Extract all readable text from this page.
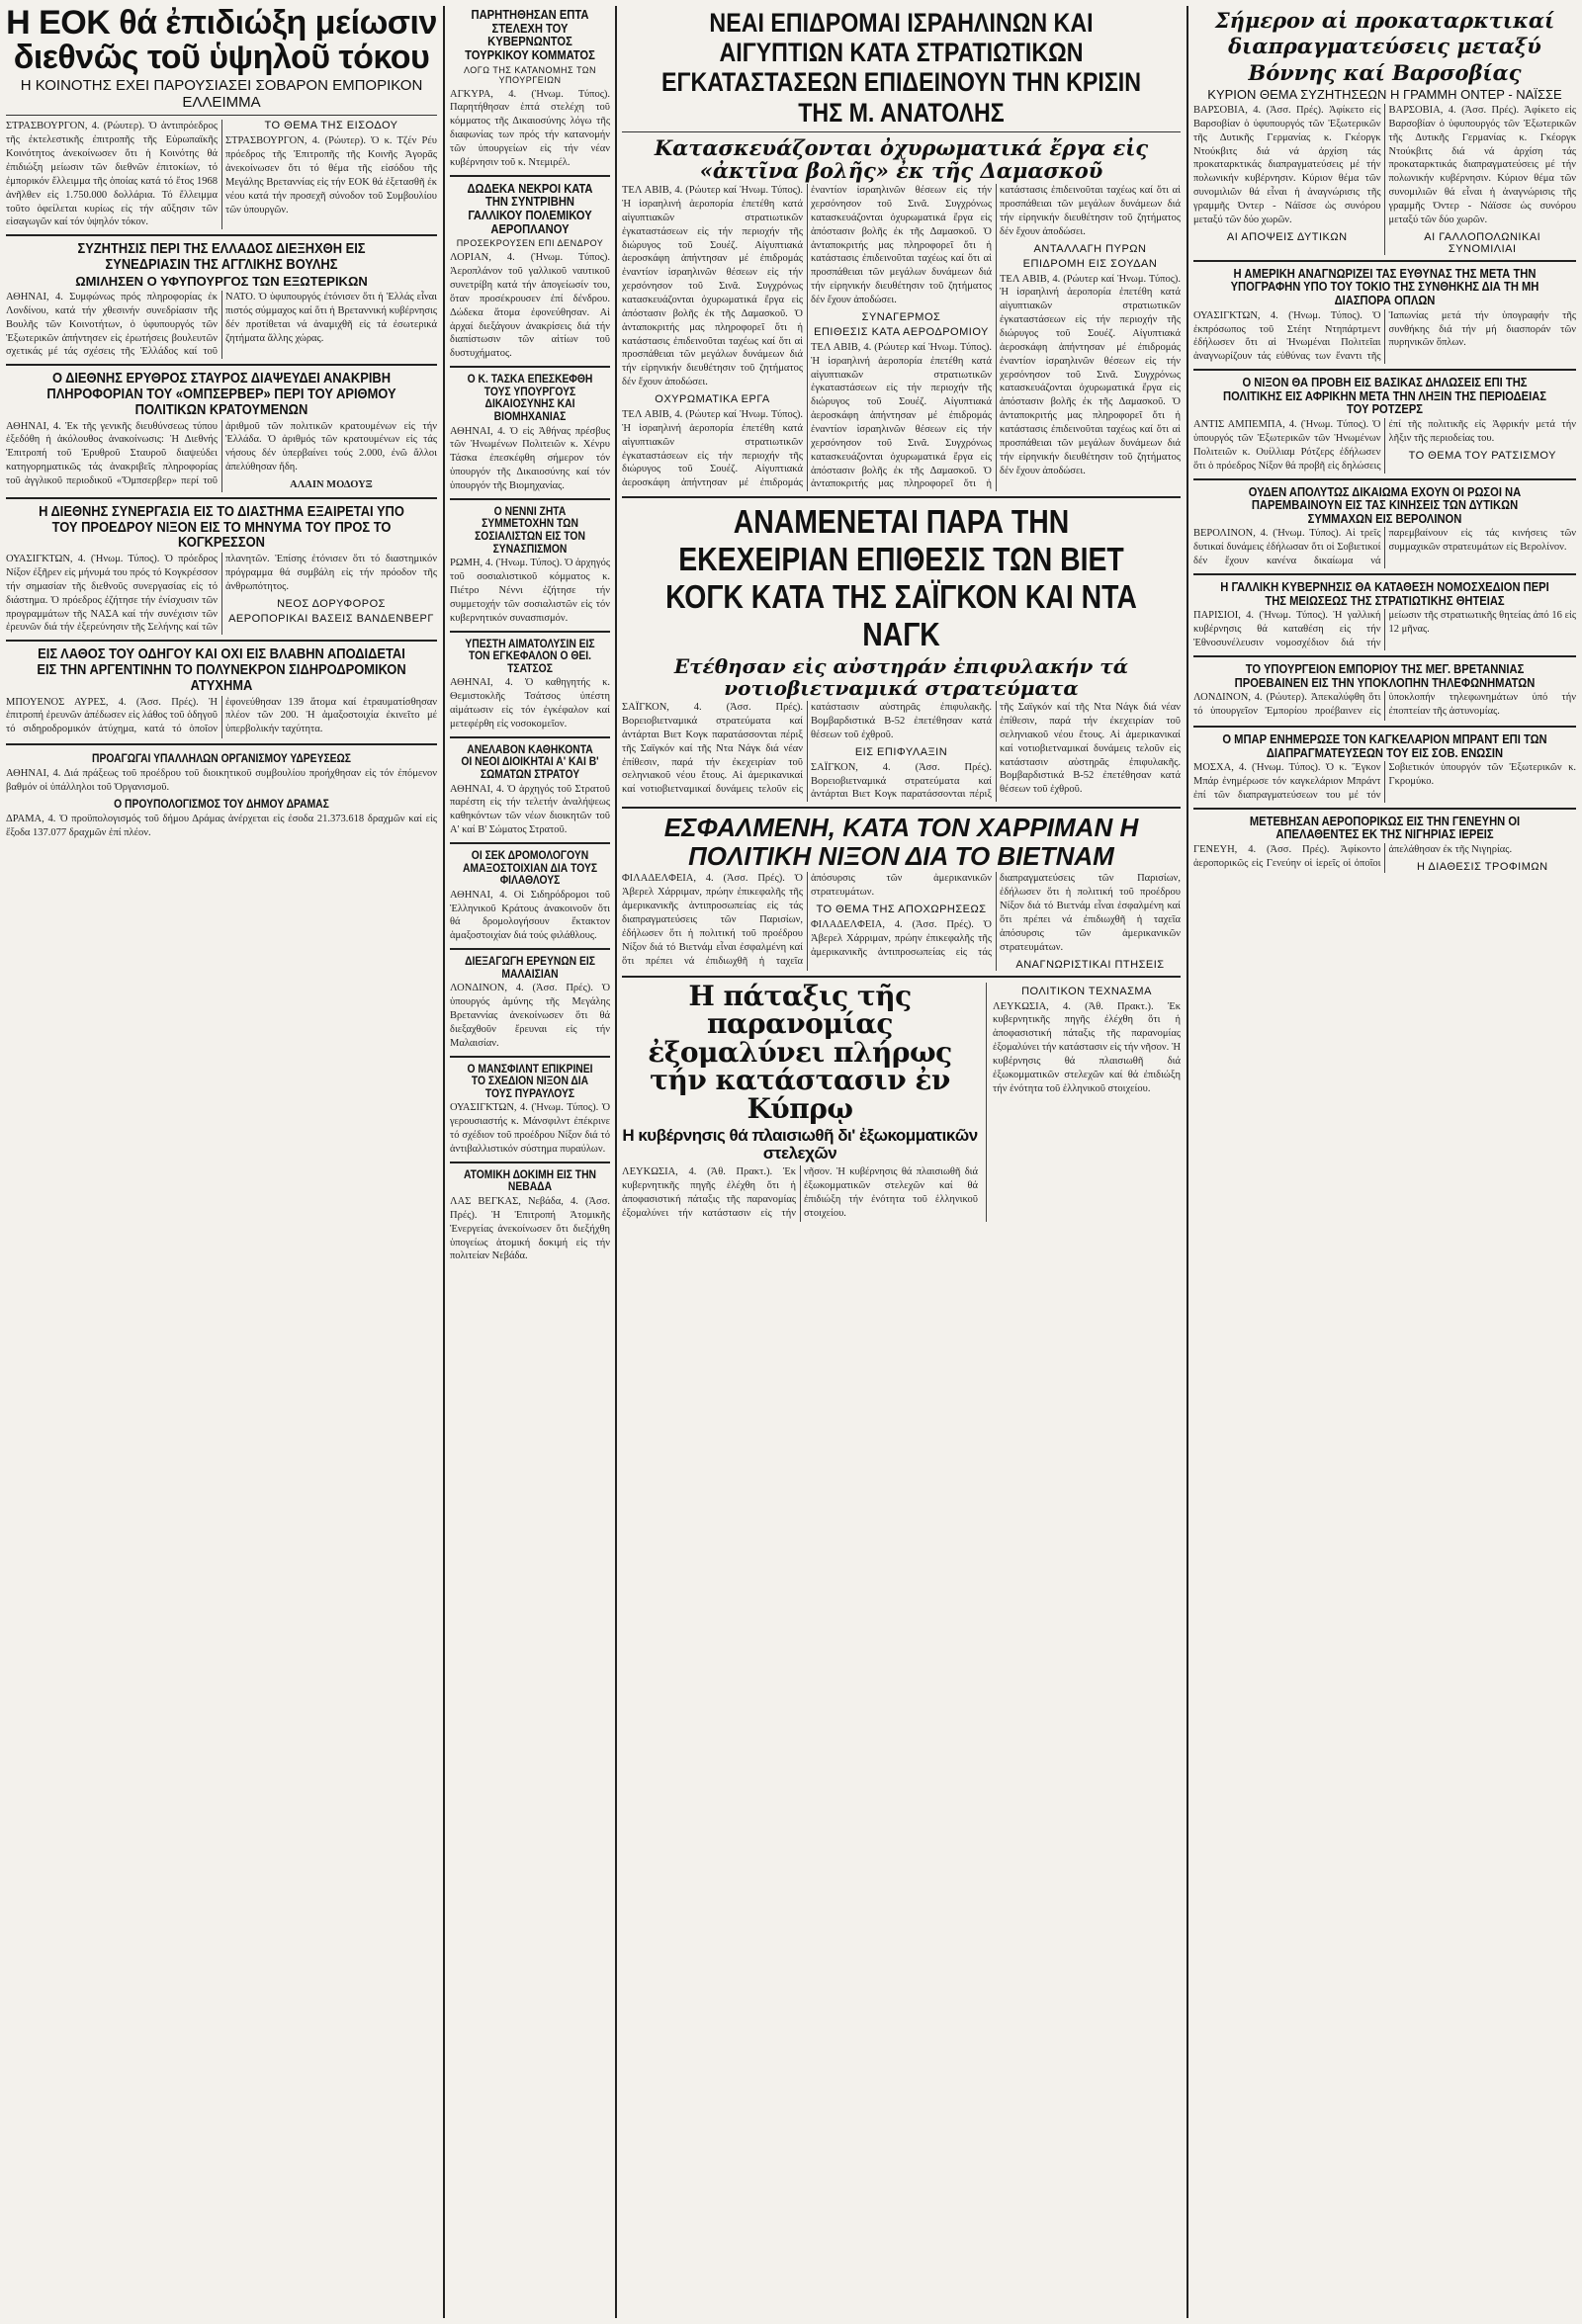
Η ΕΟΚ θά ἐπιδιώξη μείωσιν διεθνῶς τοῦ ὑψηλοῦ τόκου
Η ΚΟΙΝΟΤΗΣ ΕΧΕΙ ΠΑΡΟΥΣΙΑΣΕΙ ΣΟΒΑΡΟΝ ΕΜΠΟΡΙΚΟΝ ΕΛΛΕΙΜΜΑ

ΣΤΡΑΣΒΟΥΡΓΟΝ, 4. (Ρώυτερ). Ὁ ἀντιπρόεδρος τῆς ἐκτελεστικῆς ἐπιτροπῆς τῆς Εὐρωπαϊκῆς Κοινότητος ἀνεκοίνωσεν ὅτι ἡ Κοινότης θά ἐπιδιώξη μείωσιν τῶν διεθνῶν ἐπιτοκίων, τό ἐμπορικόν ἔλλειμμα τῆς ὁποίας κατά τό ἔτος 1968 ἀνῆλθεν εἰς 1.750.000 δολλάρια. Τό ἔλλειμμα τοῦτο ὀφείλεται κυρίως εἰς τήν αὔξησιν τῶν εἰσαγωγῶν καί τόν ὑψηλόν τόκον.

ΤΟ ΘΕΜΑ ΤΗΣ ΕΙΣΟΔΟΥ

ΣΤΡΑΣΒΟΥΡΓΟΝ, 4. (Ρώυτερ). Ὁ κ. Τζέν Ρέυ πρόεδρος τῆς Ἐπιτροπῆς τῆς Κοινῆς Ἀγορᾶς ἀνεκοίνωσεν ὅτι τό θέμα τῆς εἰσόδου τῆς Μεγάλης Βρεταννίας εἰς τήν ΕΟΚ θά ἐξετασθῆ ἐκ νέου κατά τήν προσεχῆ σύνοδον τοῦ Συμβουλίου τῶν ὑπουργῶν.

ΣΥΖΗΤΗΣΙΣ ΠΕΡΙ ΤΗΣ ΕΛΛΑΔΟΣ ΔΙΕΞΗΧΘΗ ΕΙΣ ΣΥΝΕΔΡΙΑΣΙΝ ΤΗΣ ΑΓΓΛΙΚΗΣ ΒΟΥΛΗΣ
ΩΜΙΛΗΣΕΝ Ο ΥΦΥΠΟΥΡΓΟΣ ΤΩΝ ΕΞΩΤΕΡΙΚΩΝ

ΑΘΗΝΑΙ, 4. Συμφώνως πρός πληροφορίας ἐκ Λονδίνου, κατά τήν χθεσινήν συνεδρίασιν τῆς Βουλῆς τῶν Κοινοτήτων, ὁ ὑφυπουργός τῶν Ἐξωτερικῶν ἀπήντησεν εἰς ἐρωτήσεις βουλευτῶν σχετικάς μέ τάς σχέσεις τῆς Ἑλλάδος καί τοῦ ΝΑΤΟ. Ὁ ὑφυπουργός ἐτόνισεν ὅτι ἡ Ἑλλάς εἶναι πιστός σύμμαχος καί ὅτι ἡ Βρεταννική κυβέρνησις δέν προτίθεται νά ἀναμιχθῆ εἰς τά ἐσωτερικά ζητήματα ἄλλης χώρας.

Ο ΔΙΕΘΝΗΣ ΕΡΥΘΡΟΣ ΣΤΑΥΡΟΣ ΔΙΑΨΕΥΔΕΙ ΑΝΑΚΡΙΒΗ ΠΛΗΡΟΦΟΡΙΑΝ ΤΟΥ «ΟΜΠΣΕΡΒΕΡ» ΠΕΡΙ ΤΟΥ ΑΡΙΘΜΟΥ ΠΟΛΙΤΙΚΩΝ ΚΡΑΤΟΥΜΕΝΩΝ

ΑΘΗΝΑΙ, 4. Ἐκ τῆς γενικῆς διευθύνσεως τύπου ἐξεδόθη ἡ ἀκόλουθος ἀνακοίνωσις: Ἡ Διεθνής Ἐπιτροπή τοῦ Ἐρυθροῦ Σταυροῦ διαψεύδει κατηγορηματικῶς τάς ἀνακριβεῖς πληροφορίας τοῦ ἀγγλικοῦ περιοδικοῦ «Ὄμπσερβερ» περί τοῦ ἀριθμοῦ τῶν πολιτικῶν κρατουμένων εἰς τήν Ἑλλάδα. Ὁ ἀριθμός τῶν κρατουμένων εἰς τάς νήσους δέν ὑπερβαίνει τούς 2.000, ἐνῶ ἄλλοι ἀπελύθησαν ἤδη.

ΑΛΑΙΝ ΜΟΔΟΥΞ

Η ΔΙΕΘΝΗΣ ΣΥΝΕΡΓΑΣΙΑ ΕΙΣ ΤΟ ΔΙΑΣΤΗΜΑ ΕΞΑΙΡΕΤΑΙ ΥΠΟ ΤΟΥ ΠΡΟΕΔΡΟΥ ΝΙΞΟΝ ΕΙΣ ΤΟ ΜΗΝΥΜΑ ΤΟΥ ΠΡΟΣ ΤΟ ΚΟΓΚΡΕΣΣΟΝ

ΟΥΑΣΙΓΚΤΩΝ, 4. (Ἡνωμ. Τύπος). Ὁ πρόεδρος Νίξον ἐξῆρεν εἰς μήνυμά του πρός τό Κογκρέσσον τήν σημασίαν τῆς διεθνοῦς συνεργασίας εἰς τό διάστημα. Ὁ πρόεδρος ἐζήτησε τήν ἐνίσχυσιν τῶν προγραμμάτων τῆς ΝΑΣΑ καί τήν συνέχισιν τῶν ἐρευνῶν διά τήν ἐξερεύνησιν τῆς Σελήνης καί τῶν πλανητῶν. Ἐπίσης ἐτόνισεν ὅτι τό διαστημικόν πρόγραμμα θά συμβάλη εἰς τήν πρόοδον τῆς ἀνθρωπότητος.

ΝΕΟΣ ΔΟΡΥΦΟΡΟΣ
ΑΕΡΟΠΟΡΙΚΑΙ ΒΑΣΕΙΣ ΒΑΝΔΕΝΒΕΡΓ
ΕΙΣ ΛΑΘΟΣ ΤΟΥ ΟΔΗΓΟΥ ΚΑΙ ΟΧΙ ΕΙΣ ΒΛΑΒΗΝ ΑΠΟΔΙΔΕΤΑΙ ΕΙΣ ΤΗΝ ΑΡΓΕΝΤΙΝΗΝ ΤΟ ΠΟΛΥΝΕΚΡΟΝ ΣΙΔΗΡΟΔΡΟΜΙΚΟΝ ΑΤΥΧΗΜΑ

ΜΠΟΥΕΝΟΣ ΑΥΡΕΣ, 4. (Ἀσσ. Πρές). Ἡ ἐπιτροπή ἐρευνῶν ἀπέδωσεν εἰς λάθος τοῦ ὁδηγοῦ τό σιδηροδρομικόν ἀτύχημα, κατά τό ὁποῖον ἐφονεύθησαν 139 ἄτομα καί ἐτραυματίσθησαν πλέον τῶν 200. Ἡ ἁμαξοστοιχία ἐκινεῖτο μέ ὑπερβολικήν ταχύτητα.

ΠΡΟΑΓΩΓΑΙ ΥΠΑΛΛΗΛΩΝ ΟΡΓΑΝΙΣΜΟΥ ΥΔΡΕΥΣΕΩΣ

ΑΘΗΝΑΙ, 4. Διά πράξεως τοῦ προέδρου τοῦ διοικητικοῦ συμβουλίου προήχθησαν εἰς τόν ἐπόμενον βαθμόν οἱ ὑπάλληλοι τοῦ Ὀργανισμοῦ.

Ο ΠΡΟΥΠΟΛΟΓΙΣΜΟΣ ΤΟΥ ΔΗΜΟΥ ΔΡΑΜΑΣ

ΔΡΑΜΑ, 4. Ὁ προϋπολογισμός τοῦ δήμου Δράμας ἀνέρχεται εἰς ἐσοδα 21.373.618 δραχμῶν καί εἰς ἔξοδα 137.077 δραχμῶν ἐπί πλέον.

ΠΑΡΗΤΗΘΗΣΑΝ ΕΠΤΑ ΣΤΕΛΕΧΗ ΤΟΥ ΚΥΒΕΡΝΩΝΤΟΣ ΤΟΥΡΚΙΚΟΥ ΚΟΜΜΑΤΟΣ
ΛΟΓΩ ΤΗΣ ΚΑΤΑΝΟΜΗΣ ΤΩΝ ΥΠΟΥΡΓΕΙΩΝ

ΑΓΚΥΡΑ, 4. (Ἡνωμ. Τύπος). Παρητήθησαν ἑπτά στελέχη τοῦ κόμματος τῆς Δικαιοσύνης λόγω τῆς διαφωνίας των πρός τήν κατανομήν τῶν ὑπουργείων εἰς τήν νέαν κυβέρνησιν τοῦ κ. Ντεμιρέλ.

ΔΩΔΕΚΑ ΝΕΚΡΟΙ ΚΑΤΑ ΤΗΝ ΣΥΝΤΡΙΒΗΝ ΓΑΛΛΙΚΟΥ ΠΟΛΕΜΙΚΟΥ ΑΕΡΟΠΛΑΝΟΥ
ΠΡΟΣΕΚΡΟΥΣΕΝ ΕΠΙ ΔΕΝΔΡΟΥ

ΛΟΡΙΑΝ, 4. (Ἡνωμ. Τύπος). Ἀεροπλάνον τοῦ γαλλικοῦ ναυτικοῦ συνετρίβη κατά τήν ἀπογείωσίν του, ὅταν προσέκρουσεν ἐπί δένδρου. Δώδεκα ἄτομα ἐφονεύθησαν. Αἱ ἀρχαί διεξάγουν ἀνακρίσεις διά τήν διαπίστωσιν τῶν αἰτίων τοῦ δυστυχήματος.

Ο Κ. ΤΑΣΚΑ ΕΠΕΣΚΕΦΘΗ ΤΟΥΣ ΥΠΟΥΡΓΟΥΣ ΔΙΚΑΙΟΣΥΝΗΣ ΚΑΙ ΒΙΟΜΗΧΑΝΙΑΣ

ΑΘΗΝΑΙ, 4. Ὁ εἰς Ἀθήνας πρέσβυς τῶν Ἡνωμένων Πολιτειῶν κ. Χένρυ Τάσκα ἐπεσκέφθη σήμερον τόν ὑπουργόν τῆς Δικαιοσύνης καί τόν ὑπουργόν τῆς Βιομηχανίας.

Ο ΝΕΝΝΙ ΖΗΤΑ ΣΥΜΜΕΤΟΧΗΝ ΤΩΝ ΣΟΣΙΑΛΙΣΤΩΝ ΕΙΣ ΤΟΝ ΣΥΝΑΣΠΙΣΜΟΝ

ΡΩΜΗ, 4. (Ἡνωμ. Τύπος). Ὁ ἀρχηγός τοῦ σοσιαλιστικοῦ κόμματος κ. Πιέτρο Νέννι ἐζήτησε τήν συμμετοχήν τῶν σοσιαλιστῶν εἰς τόν κυβερνητικόν συνασπισμόν.

ΥΠΕΣΤΗ ΑΙΜΑΤΟΛΥΣΙΝ ΕΙΣ ΤΟΝ ΕΓΚΕΦΑΛΟΝ Ο ΘΕΙ. ΤΣΑΤΣΟΣ

ΑΘΗΝΑΙ, 4. Ὁ καθηγητής κ. Θεμιστοκλῆς Τσάτσος ὑπέστη αἱμάτωσιν εἰς τόν ἐγκέφαλον καί μετεφέρθη εἰς νοσοκομεῖον.

ΑΝΕΛΑΒΟΝ ΚΑΘΗΚΟΝΤΑ ΟΙ ΝΕΟΙ ΔΙΟΙΚΗΤΑΙ Α' ΚΑΙ Β' ΣΩΜΑΤΩΝ ΣΤΡΑΤΟΥ

ΑΘΗΝΑΙ, 4. Ὁ ἀρχηγός τοῦ Στρατοῦ παρέστη εἰς τήν τελετήν ἀναλήψεως καθηκόντων τῶν νέων διοικητῶν τοῦ Α' καί Β' Σώματος Στρατοῦ.

ΟΙ ΣΕΚ ΔΡΟΜΟΛΟΓΟΥΝ ΑΜΑΞΟΣΤΟΙΧΙΑΝ ΔΙΑ ΤΟΥΣ ΦΙΛΑΘΛΟΥΣ

ΑΘΗΝΑΙ, 4. Οἱ Σιδηρόδρομοι τοῦ Ἑλληνικοῦ Κράτους ἀνακοινοῦν ὅτι θά δρομολογήσουν ἔκτακτον ἁμαξοστοιχίαν διά τούς φιλάθλους.

ΔΙΕΞΑΓΩΓΗ ΕΡΕΥΝΩΝ ΕΙΣ ΜΑΛΑΙΣΙΑΝ

ΛΟΝΔΙΝΟΝ, 4. (Ἀσσ. Πρές). Ὁ ὑπουργός ἀμύνης τῆς Μεγάλης Βρεταννίας ἀνεκοίνωσεν ὅτι θά διεξαχθοῦν ἔρευναι εἰς τήν Μαλαισίαν.

Ο ΜΑΝΣΦΙΛΝΤ ΕΠΙΚΡΙΝΕΙ ΤΟ ΣΧΕΔΙΟΝ ΝΙΞΟΝ ΔΙΑ ΤΟΥΣ ΠΥΡΑΥΛΟΥΣ

ΟΥΑΣΙΓΚΤΩΝ, 4. (Ἡνωμ. Τύπος). Ὁ γερουσιαστής κ. Μάνσφιλντ ἐπέκρινε τό σχέδιον τοῦ προέδρου Νίξον διά τό ἀντιβαλλιστικόν σύστημα πυραύλων.

ΑΤΟΜΙΚΗ ΔΟΚΙΜΗ ΕΙΣ ΤΗΝ ΝΕΒΑΔΑ

ΛΑΣ ΒΕΓΚΑΣ, Νεβάδα, 4. (Ἀσσ. Πρές). Ἡ Ἐπιτροπή Ἀτομικῆς Ἐνεργείας ἀνεκοίνωσεν ὅτι διεξήχθη ὑπογείως ἀτομική δοκιμή εἰς τήν πολιτείαν Νεβάδα.

ΝΕΑΙ ΕΠΙΔΡΟΜΑΙ ΙΣΡΑΗΛΙΝΩΝ ΚΑΙ ΑΙΓΥΠΤΙΩΝ ΚΑΤΑ ΣΤΡΑΤΙΩΤΙΚΩΝ ΕΓΚΑΤΑΣΤΑΣΕΩΝ ΕΠΙΔΕΙΝΟΥΝ ΤΗΝ ΚΡΙΣΙΝ ΤΗΣ Μ. ΑΝΑΤΟΛΗΣ
Κατασκευάζονται ὀχυρωματικά ἔργα εἰς «ἀκτῖνα βολῆς» ἐκ τῆς Δαμασκοῦ

ΤΕΛ ΑΒΙΒ, 4. (Ρώυτερ καί Ἡνωμ. Τύπος). Ἡ ἰσραηλινή ἀεροπορία ἐπετέθη κατά αἰγυπτιακῶν στρατιωτικῶν ἐγκαταστάσεων εἰς τήν περιοχήν τῆς διώρυγος τοῦ Σουέζ. Αἰγυπτιακά ἀεροσκάφη ἀπήντησαν μέ ἐπιδρομάς ἐναντίον ἰσραηλινῶν θέσεων εἰς τήν χερσόνησον τοῦ Σινᾶ. Συγχρόνως κατασκευάζονται ὀχυρωματικά ἔργα εἰς ἀπόστασιν βολῆς ἐκ τῆς Δαμασκοῦ. Ὁ ἀνταποκριτής μας πληροφορεῖ ὅτι ἡ κατάστασις ἐπιδεινοῦται ταχέως καί ὅτι αἱ προσπάθειαι τῶν μεγάλων δυνάμεων διά τήν εἰρηνικήν διευθέτησιν τοῦ ζητήματος δέν ἔχουν ἀποδώσει.

ΟΧΥΡΩΜΑΤΙΚΑ ΕΡΓΑ

ΤΕΛ ΑΒΙΒ, 4. (Ρώυτερ καί Ἡνωμ. Τύπος). Ἡ ἰσραηλινή ἀεροπορία ἐπετέθη κατά αἰγυπτιακῶν στρατιωτικῶν ἐγκαταστάσεων εἰς τήν περιοχήν τῆς διώρυγος τοῦ Σουέζ. Αἰγυπτιακά ἀεροσκάφη ἀπήντησαν μέ ἐπιδρομάς ἐναντίον ἰσραηλινῶν θέσεων εἰς τήν χερσόνησον τοῦ Σινᾶ. Συγχρόνως κατασκευάζονται ὀχυρωματικά ἔργα εἰς ἀπόστασιν βολῆς ἐκ τῆς Δαμασκοῦ. Ὁ ἀνταποκριτής μας πληροφορεῖ ὅτι ἡ κατάστασις ἐπιδεινοῦται ταχέως καί ὅτι αἱ προσπάθειαι τῶν μεγάλων δυνάμεων διά τήν εἰρηνικήν διευθέτησιν τοῦ ζητήματος δέν ἔχουν ἀποδώσει.

ΣΥΝΑΓΕΡΜΟΣ
ΕΠΙΘΕΣΙΣ ΚΑΤΑ ΑΕΡΟΔΡΟΜΙΟΥ

ΤΕΛ ΑΒΙΒ, 4. (Ρώυτερ καί Ἡνωμ. Τύπος). Ἡ ἰσραηλινή ἀεροπορία ἐπετέθη κατά αἰγυπτιακῶν στρατιωτικῶν ἐγκαταστάσεων εἰς τήν περιοχήν τῆς διώρυγος τοῦ Σουέζ. Αἰγυπτιακά ἀεροσκάφη ἀπήντησαν μέ ἐπιδρομάς ἐναντίον ἰσραηλινῶν θέσεων εἰς τήν χερσόνησον τοῦ Σινᾶ. Συγχρόνως κατασκευάζονται ὀχυρωματικά ἔργα εἰς ἀπόστασιν βολῆς ἐκ τῆς Δαμασκοῦ. Ὁ ἀνταποκριτής μας πληροφορεῖ ὅτι ἡ κατάστασις ἐπιδεινοῦται ταχέως καί ὅτι αἱ προσπάθειαι τῶν μεγάλων δυνάμεων διά τήν εἰρηνικήν διευθέτησιν τοῦ ζητήματος δέν ἔχουν ἀποδώσει.

ΑΝΤΑΛΛΑΓΗ ΠΥΡΩΝ
ΕΠΙΔΡΟΜΗ ΕΙΣ ΣΟΥΔΑΝ

ΤΕΛ ΑΒΙΒ, 4. (Ρώυτερ καί Ἡνωμ. Τύπος). Ἡ ἰσραηλινή ἀεροπορία ἐπετέθη κατά αἰγυπτιακῶν στρατιωτικῶν ἐγκαταστάσεων εἰς τήν περιοχήν τῆς διώρυγος τοῦ Σουέζ. Αἰγυπτιακά ἀεροσκάφη ἀπήντησαν μέ ἐπιδρομάς ἐναντίον ἰσραηλινῶν θέσεων εἰς τήν χερσόνησον τοῦ Σινᾶ. Συγχρόνως κατασκευάζονται ὀχυρωματικά ἔργα εἰς ἀπόστασιν βολῆς ἐκ τῆς Δαμασκοῦ. Ὁ ἀνταποκριτής μας πληροφορεῖ ὅτι ἡ κατάστασις ἐπιδεινοῦται ταχέως καί ὅτι αἱ προσπάθειαι τῶν μεγάλων δυνάμεων διά τήν εἰρηνικήν διευθέτησιν τοῦ ζητήματος δέν ἔχουν ἀποδώσει.

ΑΝΑΜΕΝΕΤΑΙ ΠΑΡΑ ΤΗΝ ΕΚΕΧΕΙΡΙΑΝ ΕΠΙΘΕΣΙΣ ΤΩΝ ΒΙΕΤ ΚΟΓΚ ΚΑΤΑ ΤΗΣ ΣΑΪΓΚΟΝ ΚΑΙ ΝΤΑ ΝΑΓΚ
Ετέθησαν εἰς αὐστηράν ἐπιφυλακήν τά νοτιοβιετναμικά στρατεύματα

ΣΑΪΓΚΟΝ, 4. (Ἀσσ. Πρές). Βορειοβιετναμικά στρατεύματα καί ἀντάρται Βιετ Κογκ παρατάσσονται πέριξ τῆς Σαϊγκόν καί τῆς Ντα Νάγκ διά νέαν ἐπίθεσιν, παρά τήν ἐκεχειρίαν τοῦ σεληνιακοῦ νέου ἔτους. Αἱ ἀμερικανικαί καί νοτιοβιετναμικαί δυνάμεις τελοῦν εἰς κατάστασιν αὐστηρᾶς ἐπιφυλακῆς. Βομβαρδιστικά Β-52 ἐπετέθησαν κατά θέσεων τοῦ ἐχθροῦ.

ΕΙΣ ΕΠΙΦΥΛΑΞΙΝ

ΣΑΪΓΚΟΝ, 4. (Ἀσσ. Πρές). Βορειοβιετναμικά στρατεύματα καί ἀντάρται Βιετ Κογκ παρατάσσονται πέριξ τῆς Σαϊγκόν καί τῆς Ντα Νάγκ διά νέαν ἐπίθεσιν, παρά τήν ἐκεχειρίαν τοῦ σεληνιακοῦ νέου ἔτους. Αἱ ἀμερικανικαί καί νοτιοβιετναμικαί δυνάμεις τελοῦν εἰς κατάστασιν αὐστηρᾶς ἐπιφυλακῆς. Βομβαρδιστικά Β-52 ἐπετέθησαν κατά θέσεων τοῦ ἐχθροῦ.

ΕΣΦΑΛΜΕΝΗ, ΚΑΤΑ ΤΟΝ ΧΑΡΡΙΜΑΝ Η ΠΟΛΙΤΙΚΗ ΝΙΞΟΝ ΔΙΑ ΤΟ ΒΙΕΤΝΑΜ

ΦΙΛΑΔΕΛΦΕΙΑ, 4. (Ἀσσ. Πρές). Ὁ Ἀβερελ Χάρριμαν, πρώην ἐπικεφαλῆς τῆς ἀμερικανικῆς ἀντιπροσωπείας εἰς τάς διαπραγματεύσεις τῶν Παρισίων, ἐδήλωσεν ὅτι ἡ πολιτική τοῦ προέδρου Νίξον διά τό Βιετνάμ εἶναι ἐσφαλμένη καί ὅτι πρέπει νά ἐπιδιωχθῆ ἡ ταχεῖα ἀπόσυρσις τῶν ἀμερικανικῶν στρατευμάτων.

ΤΟ ΘΕΜΑ ΤΗΣ ΑΠΟΧΩΡΗΣΕΩΣ

ΦΙΛΑΔΕΛΦΕΙΑ, 4. (Ἀσσ. Πρές). Ὁ Ἀβερελ Χάρριμαν, πρώην ἐπικεφαλῆς τῆς ἀμερικανικῆς ἀντιπροσωπείας εἰς τάς διαπραγματεύσεις τῶν Παρισίων, ἐδήλωσεν ὅτι ἡ πολιτική τοῦ προέδρου Νίξον διά τό Βιετνάμ εἶναι ἐσφαλμένη καί ὅτι πρέπει νά ἐπιδιωχθῆ ἡ ταχεῖα ἀπόσυρσις τῶν ἀμερικανικῶν στρατευμάτων.

ΑΝΑΓΝΩΡΙΣΤΙΚΑΙ ΠΤΗΣΕΙΣ
Η πάταξις τῆς παρανομίας ἐξομαλύνει πλήρως τήν κατάστασιν ἐν Κύπρῳ
Η κυβέρνησις θά πλαισιωθῆ δι' ἐξωκομματικῶν στελεχῶν

ΛΕΥΚΩΣΙΑ, 4. (Ἀθ. Πρακτ.). Ἐκ κυβερνητικῆς πηγῆς ἐλέχθη ὅτι ἡ ἀποφασιστική πάταξις τῆς παρανομίας ἐξομαλύνει τήν κατάστασιν εἰς τήν νῆσον. Ἡ κυβέρνησις θά πλαισιωθῆ διά ἐξωκομματικῶν στελεχῶν καί θά ἐπιδιώξη τήν ἐνότητα τοῦ ἑλληνικοῦ στοιχείου.

ΠΟΛΙΤΙΚΟΝ ΤΕΧΝΑΣΜΑ

ΛΕΥΚΩΣΙΑ, 4. (Ἀθ. Πρακτ.). Ἐκ κυβερνητικῆς πηγῆς ἐλέχθη ὅτι ἡ ἀποφασιστική πάταξις τῆς παρανομίας ἐξομαλύνει τήν κατάστασιν εἰς τήν νῆσον. Ἡ κυβέρνησις θά πλαισιωθῆ διά ἐξωκομματικῶν στελεχῶν καί θά ἐπιδιώξη τήν ἐνότητα τοῦ ἑλληνικοῦ στοιχείου.

Σήμερον αἱ προκαταρκτικαί διαπραγματεύσεις μεταξύ Βόννης καί Βαρσοβίας
ΚΥΡΙΟΝ ΘΕΜΑ ΣΥΖΗΤΗΣΕΩΝ Η ΓΡΑΜΜΗ ΟΝΤΕΡ - ΝΑΪΣΣΕ

ΒΑΡΣΟΒΙΑ, 4. (Ἀσσ. Πρές). Ἀφίκετο εἰς Βαρσοβίαν ὁ ὑφυπουργός τῶν Ἐξωτερικῶν τῆς Δυτικῆς Γερμανίας κ. Γκέοργκ Ντούκβιτς διά νά ἀρχίση τάς προκαταρκτικάς διαπραγματεύσεις μέ τήν πολωνικήν κυβέρνησιν. Κύριον θέμα τῶν συνομιλιῶν θά εἶναι ἡ ἀναγνώρισις τῆς γραμμῆς Όντερ - Νάϊσσε ὡς συνόρου μεταξύ τῶν δύο χωρῶν.

ΑΙ ΑΠΟΨΕΙΣ ΔΥΤΙΚΩΝ

ΒΑΡΣΟΒΙΑ, 4. (Ἀσσ. Πρές). Ἀφίκετο εἰς Βαρσοβίαν ὁ ὑφυπουργός τῶν Ἐξωτερικῶν τῆς Δυτικῆς Γερμανίας κ. Γκέοργκ Ντούκβιτς διά νά ἀρχίση τάς προκαταρκτικάς διαπραγματεύσεις μέ τήν πολωνικήν κυβέρνησιν. Κύριον θέμα τῶν συνομιλιῶν θά εἶναι ἡ ἀναγνώρισις τῆς γραμμῆς Όντερ - Νάϊσσε ὡς συνόρου μεταξύ τῶν δύο χωρῶν.

ΑΙ ΓΑΛΛΟΠΟΛΩΝΙΚΑΙ ΣΥΝΟΜΙΛΙΑΙ
Η ΑΜΕΡΙΚΗ ΑΝΑΓΝΩΡΙΖΕΙ ΤΑΣ ΕΥΘΥΝΑΣ ΤΗΣ ΜΕΤΑ ΤΗΝ ΥΠΟΓΡΑΦΗΝ ΥΠΟ ΤΟΥ ΤΟΚΙΟ ΤΗΣ ΣΥΝΘΗΚΗΣ ΔΙΑ ΤΗ ΜΗ ΔΙΑΣΠΟΡΑ ΟΠΛΩΝ

ΟΥΑΣΙΓΚΤΩΝ, 4. (Ἡνωμ. Τύπος). Ὁ ἐκπρόσωπος τοῦ Στέητ Ντηπάρτμεντ ἐδήλωσεν ὅτι αἱ Ἡνωμέναι Πολιτεῖαι ἀναγνωρίζουν τάς εὐθύνας των ἔναντι τῆς Ἰαπωνίας μετά τήν ὑπογραφήν τῆς συνθήκης διά τήν μή διασποράν τῶν πυρηνικῶν ὅπλων.

Ο ΝΙΞΟΝ ΘΑ ΠΡΟΒΗ ΕΙΣ ΒΑΣΙΚΑΣ ΔΗΛΩΣΕΙΣ ΕΠΙ ΤΗΣ ΠΟΛΙΤΙΚΗΣ ΕΙΣ ΑΦΡΙΚΗΝ ΜΕΤΑ ΤΗΝ ΛΗΞΙΝ ΤΗΣ ΠΕΡΙΟΔΕΙΑΣ ΤΟΥ ΡΟΤΖΕΡΣ

ΑΝΤΙΣ ΑΜΠΕΜΠΑ, 4. (Ἡνωμ. Τύπος). Ὁ ὑπουργός τῶν Ἐξωτερικῶν τῶν Ἡνωμένων Πολιτειῶν κ. Ουίλλιαμ Ρότζερς ἐδήλωσεν ὅτι ὁ πρόεδρος Νίξον θά προβῆ εἰς δηλώσεις ἐπί τῆς πολιτικῆς εἰς Ἀφρικήν μετά τήν λῆξιν τῆς περιοδείας του.

ΤΟ ΘΕΜΑ ΤΟΥ ΡΑΤΣΙΣΜΟΥ
ΟΥΔΕΝ ΑΠΟΛΥΤΩΣ ΔΙΚΑΙΩΜΑ ΕΧΟΥΝ ΟΙ ΡΩΣΟΙ ΝΑ ΠΑΡΕΜΒΑΙΝΟΥΝ ΕΙΣ ΤΑΣ ΚΙΝΗΣΕΙΣ ΤΩΝ ΔΥΤΙΚΩΝ ΣΥΜΜΑΧΩΝ ΕΙΣ ΒΕΡΟΛΙΝΟΝ

ΒΕΡΟΛΙΝΟΝ, 4. (Ἡνωμ. Τύπος). Αἱ τρεῖς δυτικαί δυνάμεις ἐδήλωσαν ὅτι οἱ Σοβιετικοί δέν ἔχουν κανένα δικαίωμα νά παρεμβαίνουν εἰς τάς κινήσεις τῶν συμμαχικῶν στρατευμάτων εἰς Βερολίνον.

Η ΓΑΛΛΙΚΗ ΚΥΒΕΡΝΗΣΙΣ ΘΑ ΚΑΤΑΘΕΣΗ ΝΟΜΟΣΧΕΔΙΟΝ ΠΕΡΙ ΤΗΣ ΜΕΙΩΣΕΩΣ ΤΗΣ ΣΤΡΑΤΙΩΤΙΚΗΣ ΘΗΤΕΙΑΣ

ΠΑΡΙΣΙΟΙ, 4. (Ἡνωμ. Τύπος). Ἡ γαλλική κυβέρνησις θά καταθέση εἰς τήν Ἐθνοσυνέλευσιν νομοσχέδιον διά τήν μείωσιν τῆς στρατιωτικῆς θητείας ἀπό 16 εἰς 12 μῆνας.

ΤΟ ΥΠΟΥΡΓΕΙΟΝ ΕΜΠΟΡΙΟΥ ΤΗΣ ΜΕΓ. ΒΡΕΤΑΝΝΙΑΣ ΠΡΟΕΒΑΙΝΕΝ ΕΙΣ ΤΗΝ ΥΠΟΚΛΟΠΗΝ ΤΗΛΕΦΩΝΗΜΑΤΩΝ

ΛΟΝΔΙΝΟΝ, 4. (Ρώυτερ). Ἀπεκαλύφθη ὅτι τό ὑπουργεῖον Ἐμπορίου προέβαινεν εἰς ὑποκλοπήν τηλεφωνημάτων ὑπό τήν ἐποπτείαν τῆς ἀστυνομίας.

Ο ΜΠΑΡ ΕΝΗΜΕΡΩΣΕ ΤΟΝ ΚΑΓΚΕΛΑΡΙΟΝ ΜΠΡΑΝΤ ΕΠΙ ΤΩΝ ΔΙΑΠΡΑΓΜΑΤΕΥΣΕΩΝ ΤΟΥ ΕΙΣ ΣΟΒ. ΕΝΩΣΙΝ

ΜΟΣΧΑ, 4. (Ἡνωμ. Τύπος). Ὁ κ. Ἔγκον Μπάρ ἐνημέρωσε τόν καγκελάριον Μπράντ ἐπί τῶν διαπραγματεύσεων του μέ τόν Σοβιετικόν ὑπουργόν τῶν Ἐξωτερικῶν κ. Γκρομύκο.

ΜΕΤΕΒΗΣΑΝ ΑΕΡΟΠΟΡΙΚΩΣ ΕΙΣ ΤΗΝ ΓΕΝΕΥΗΝ ΟΙ ΑΠΕΛΑΘΕΝΤΕΣ ΕΚ ΤΗΣ ΝΙΓΗΡΙΑΣ ΙΕΡΕΙΣ

ΓΕΝΕΥΗ, 4. (Ἀσσ. Πρές). Ἀφίκοντο ἀεροπορικῶς εἰς Γενεύην οἱ ἱερεῖς οἱ ὁποῖοι ἀπελάθησαν ἐκ τῆς Νιγηρίας.

Η ΔΙΑΘΕΣΙΣ ΤΡΟΦΙΜΩΝ
